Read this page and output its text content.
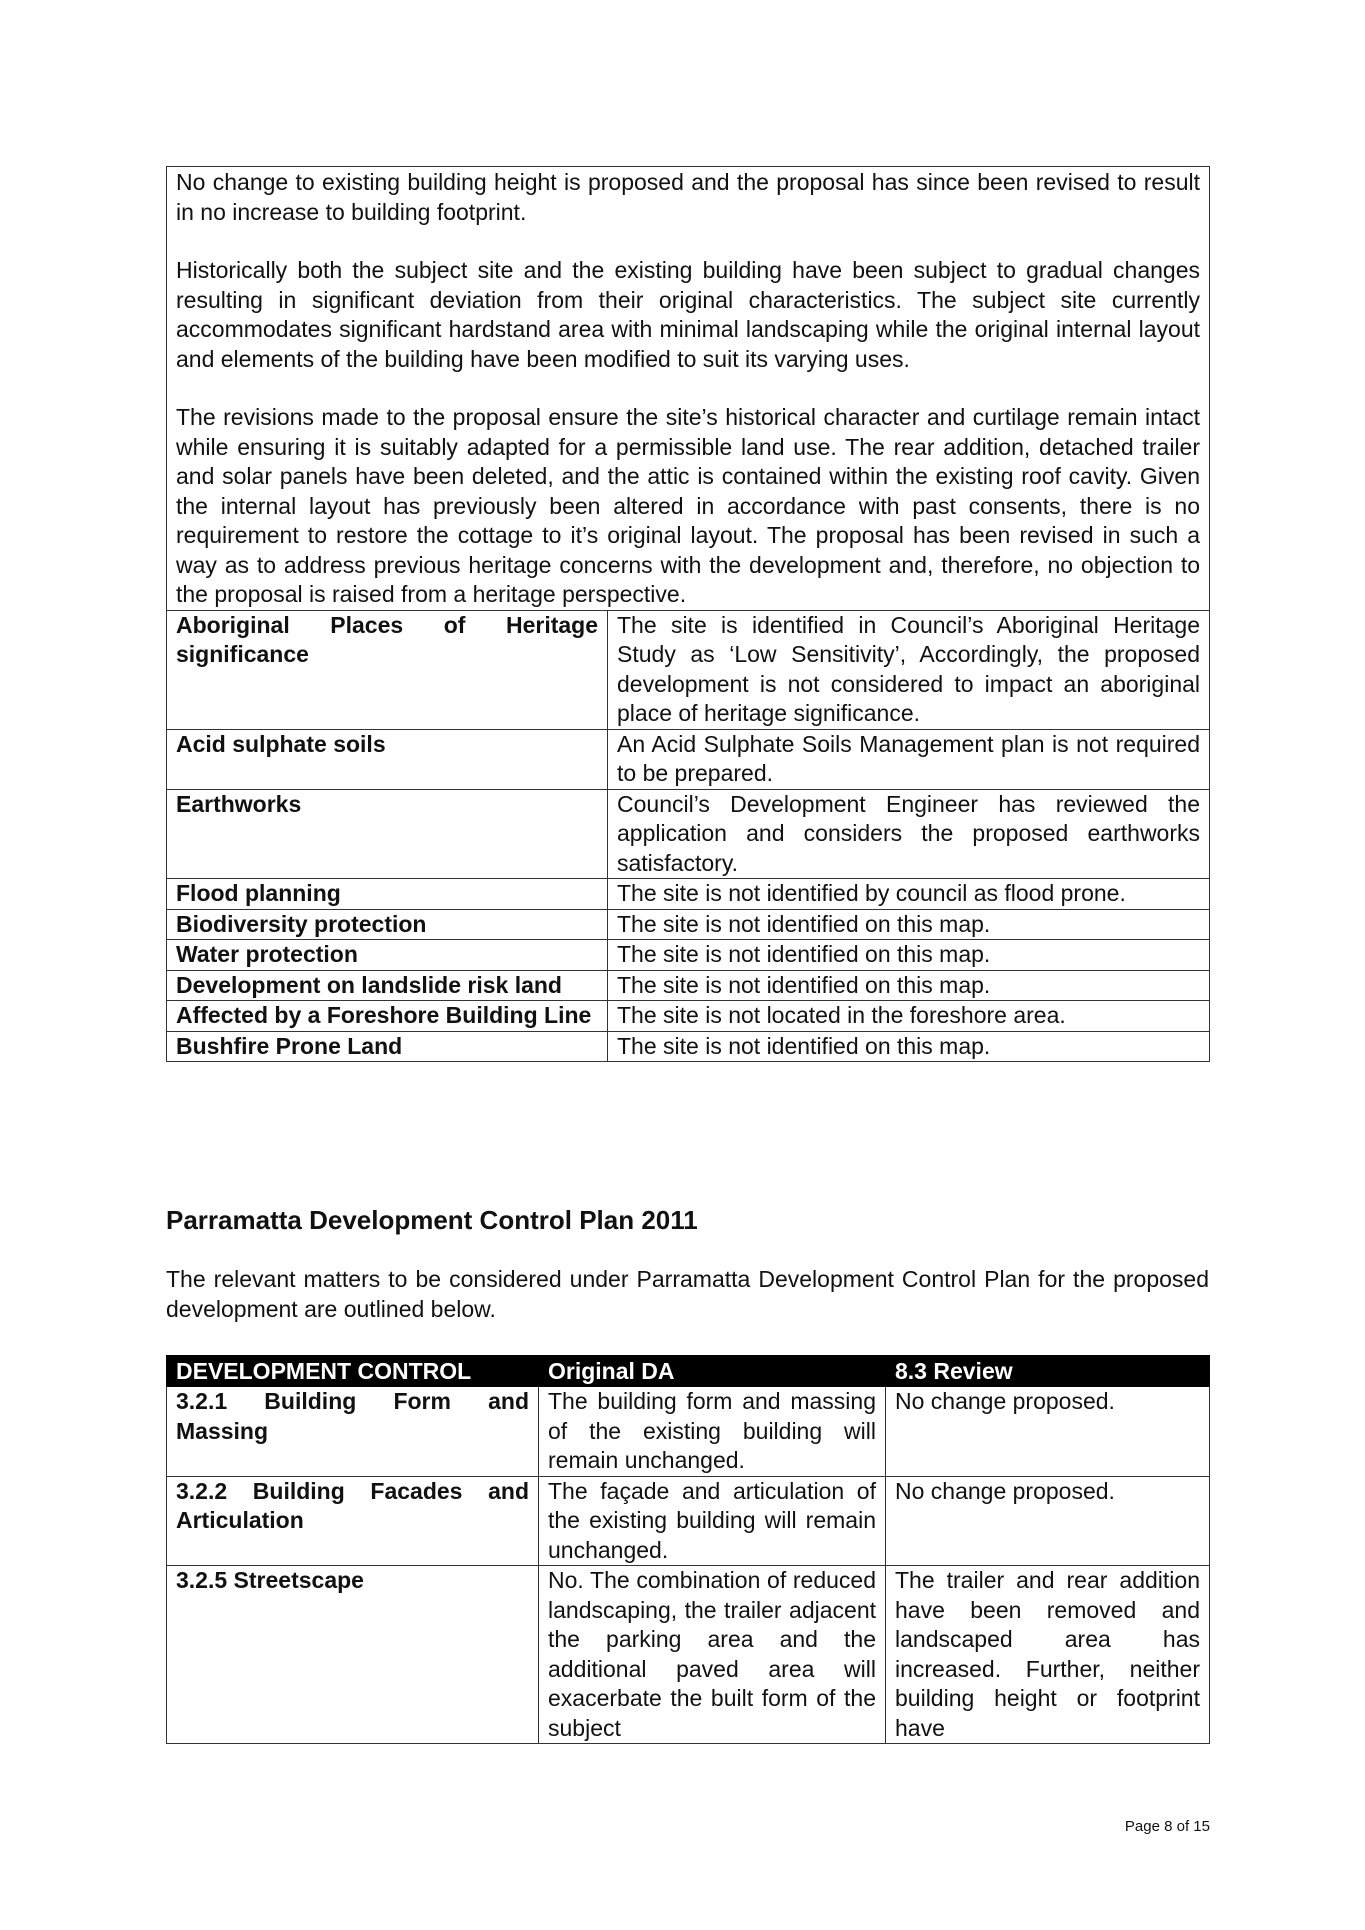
No change to existing building height is proposed and the proposal has since been revised to result in no increase to building footprint.

Historically both the subject site and the existing building have been subject to gradual changes resulting in significant deviation from their original characteristics. The subject site currently accommodates significant hardstand area with minimal landscaping while the original internal layout and elements of the building have been modified to suit its varying uses.

The revisions made to the proposal ensure the site’s historical character and curtilage remain intact while ensuring it is suitably adapted for a permissible land use. The rear addition, detached trailer and solar panels have been deleted, and the attic is contained within the existing roof cavity. Given the internal layout has previously been altered in accordance with past consents, there is no requirement to restore the cottage to it’s original layout. The proposal has been revised in such a way as to address previous heritage concerns with the development and, therefore, no objection to the proposal is raised from a heritage perspective.	

Aboriginal Places of Heritage significance	The site is identified in Council’s Aboriginal Heritage Study as ‘Low Sensitivity’, Accordingly, the proposed development is not considered to impact an aboriginal place of heritage significance.
Acid sulphate soils	An Acid Sulphate Soils Management plan is not required to be prepared.
Earthworks	Council’s Development Engineer has reviewed the application and considers the proposed earthworks satisfactory.
Flood planning	The site is not identified by council as flood prone.
Biodiversity protection	The site is not identified on this map.
Water protection	The site is not identified on this map.
Development on landslide risk land	The site is not identified on this map.
Affected by a Foreshore Building Line	The site is not located in the foreshore area.
Bushfire Prone Land	The site is not identified on this map.
Parramatta Development Control Plan 2011

The relevant matters to be considered under Parramatta Development Control Plan for the proposed development are outlined below.

DEVELOPMENT CONTROL	Original DA	8.3 Review
3.2.1 Building Form and Massing	The building form and massing of the existing building will remain unchanged.	No change proposed.
3.2.2 Building Facades and Articulation	The façade and articulation of the existing building will remain unchanged.	No change proposed.

3.2.5 Streetscape	No. The combination of reduced landscaping, the trailer adjacent the parking area and the additional paved area will exacerbate the built form of the subject	The trailer and rear addition have been removed and landscaped area has increased. Further, neither building height or footprint have

Page 8 of 15
